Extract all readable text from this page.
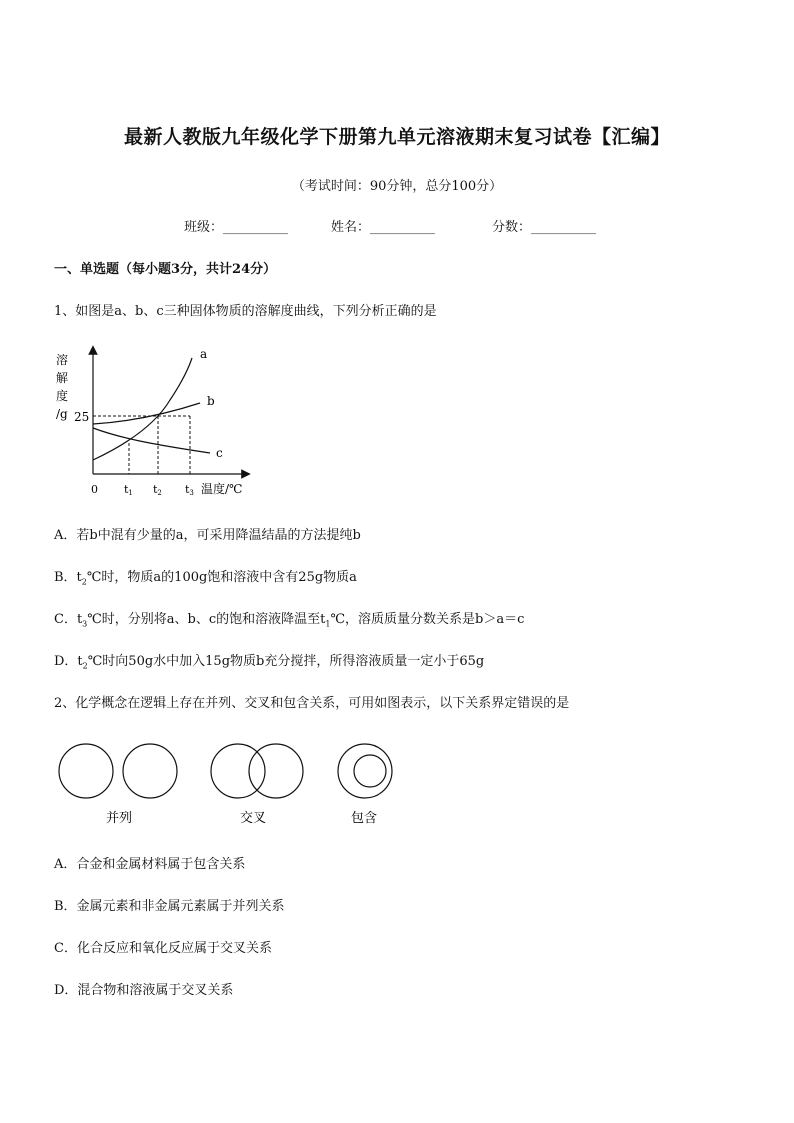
最新人教版九年级化学下册第九单元溶液期末复习试卷【汇编】
（考试时间：90分钟，总分100分）
班级：__________	姓名：__________	分数：__________
一、单选题（每小题3分，共计24分）
1、如图是a、b、c三种固体物质的溶解度曲线，下列分析正确的是
溶
解
度
/g 25
a
b
c
0 t1 t2 t3 温度/℃
A．若b中混有少量的a，可采用降温结晶的方法提纯b
B．$t_2℃$时，物质a的100g饱和溶液中含有25g物质a
C．$t_3℃$时，分别将a、b、c的饱和溶液降温至$t_1℃$，溶质质量分数关系是b＞a＝c
D．$t_2℃$时向50g水中加入15g物质b充分搅拌，所得溶液质量一定小于65g
2、化学概念在逻辑上存在并列、交叉和包含关系，可用如图表示，以下关系界定错误的是
并列	交叉	包含
A．合金和金属材料属于包含关系
B．金属元素和非金属元素属于并列关系
C．化合反应和氧化反应属于交叉关系
D．混合物和溶液属于交叉关系
